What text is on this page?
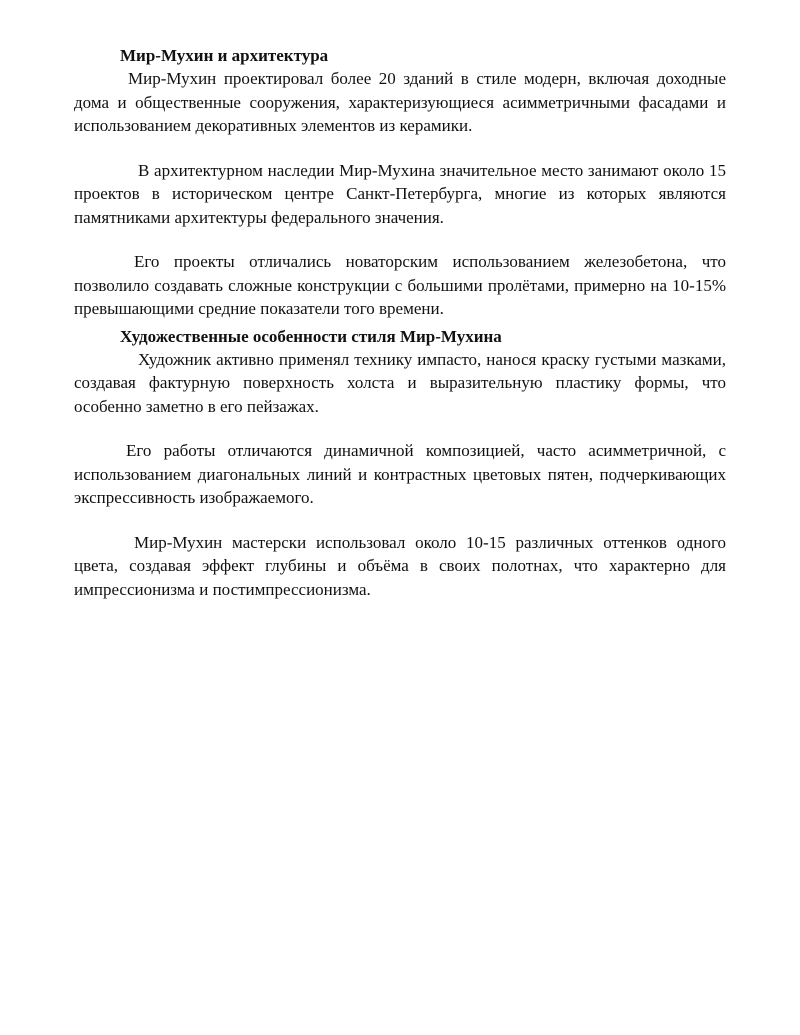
Мир-Мухин и архитектура

Мир-Мухин проектировал более 20 зданий в стиле модерн, включая доходные дома и общественные сооружения, характеризующиеся асимметричными фасадами и использованием декоративных элементов из керамики.

В архитектурном наследии Мир-Мухина значительное место занимают около 15 проектов в историческом центре Санкт-Петербурга, многие из которых являются памятниками архитектуры федерального значения.

Его проекты отличались новаторским использованием железобетона, что позволило создавать сложные конструкции с большими пролётами, примерно на 10-15% превышающими средние показатели того времени.

Художественные особенности стиля Мир-Мухина

Художник активно применял технику импасто, нанося краску густыми мазками, создавая фактурную поверхность холста и выразительную пластику формы, что особенно заметно в его пейзажах.

Его работы отличаются динамичной композицией, часто асимметричной, с использованием диагональных линий и контрастных цветовых пятен, подчеркивающих экспрессивность изображаемого.

Мир-Мухин мастерски использовал около 10-15 различных оттенков одного цвета, создавая эффект глубины и объёма в своих полотнах, что характерно для импрессионизма и постимпрессионизма.
